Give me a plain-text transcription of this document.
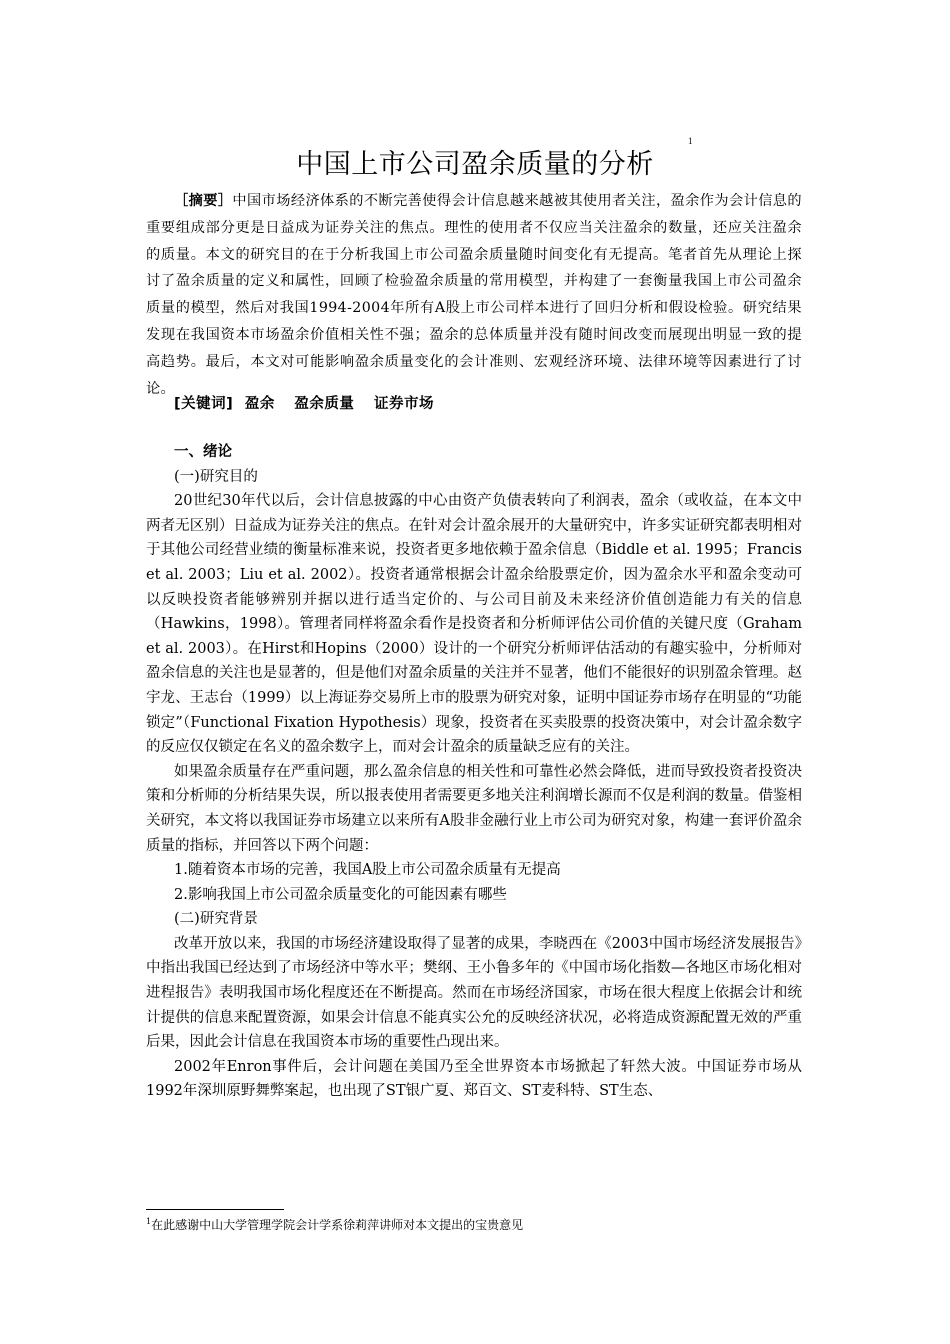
中国上市公司盈余质量的分析
1

［摘要］中国市场经济体系的不断完善使得会计信息越来越被其使用者关注，盈余作为会计信息的重要组成部分更是日益成为证券关注的焦点。理性的使用者不仅应当关注盈余的数量，还应关注盈余的质量。本文的研究目的在于分析我国上市公司盈余质量随时间变化有无提高。笔者首先从理论上探讨了盈余质量的定义和属性，回顾了检验盈余质量的常用模型，并构建了一套衡量我国上市公司盈余质量的模型，然后对我国1994-2004年所有A股上市公司样本进行了回归分析和假设检验。研究结果发现在我国资本市场盈余价值相关性不强；盈余的总体质量并没有随时间改变而展现出明显一致的提高趋势。最后，本文对可能影响盈余质量变化的会计准则、宏观经济环境、法律环境等因素进行了讨论。

[关键词] 盈余 盈余质量 证券市场

一、绪论

(一)研究目的

20世纪30年代以后，会计信息披露的中心由资产负债表转向了利润表，盈余（或收益，在本文中两者无区别）日益成为证券关注的焦点。在针对会计盈余展开的大量研究中，许多实证研究都表明相对于其他公司经营业绩的衡量标准来说，投资者更多地依赖于盈余信息（Biddle et al. 1995；Francis et al. 2003；Liu et al. 2002）。投资者通常根据会计盈余给股票定价，因为盈余水平和盈余变动可以反映投资者能够辨别并据以进行适当定价的、与公司目前及未来经济价值创造能力有关的信息（Hawkins，1998）。管理者同样将盈余看作是投资者和分析师评估公司价值的关键尺度（Graham et al. 2003）。在Hirst和Hopins（2000）设计的一个研究分析师评估活动的有趣实验中，分析师对盈余信息的关注也是显著的，但是他们对盈余质量的关注并不显著，他们不能很好的识别盈余管理。赵宇龙、王志台（1999）以上海证券交易所上市的股票为研究对象，证明中国证券市场存在明显的“功能锁定”（Functional Fixation Hypothesis）现象，投资者在买卖股票的投资决策中，对会计盈余数字的反应仅仅锁定在名义的盈余数字上，而对会计盈余的质量缺乏应有的关注。

如果盈余质量存在严重问题，那么盈余信息的相关性和可靠性必然会降低，进而导致投资者投资决策和分析师的分析结果失误，所以报表使用者需要更多地关注利润增长源而不仅是利润的数量。借鉴相关研究，本文将以我国证券市场建立以来所有A股非金融行业上市公司为研究对象，构建一套评价盈余质量的指标，并回答以下两个问题：

1.随着资本市场的完善，我国A股上市公司盈余质量有无提高

2.影响我国上市公司盈余质量变化的可能因素有哪些

(二)研究背景

改革开放以来，我国的市场经济建设取得了显著的成果，李晓西在《2003中国市场经济发展报告》中指出我国已经达到了市场经济中等水平；樊纲、王小鲁多年的《中国市场化指数—各地区市场化相对进程报告》表明我国市场化程度还在不断提高。然而在市场经济国家，市场在很大程度上依据会计和统计提供的信息来配置资源，如果会计信息不能真实公允的反映经济状况，必将造成资源配置无效的严重后果，因此会计信息在我国资本市场的重要性凸现出来。

2002年Enron事件后，会计问题在美国乃至全世界资本市场掀起了轩然大波。中国证券市场从1992年深圳原野舞弊案起，也出现了ST银广夏、郑百文、ST麦科特、ST生态、

$^1$在此感谢中山大学管理学院会计学系徐莉萍讲师对本文提出的宝贵意见
